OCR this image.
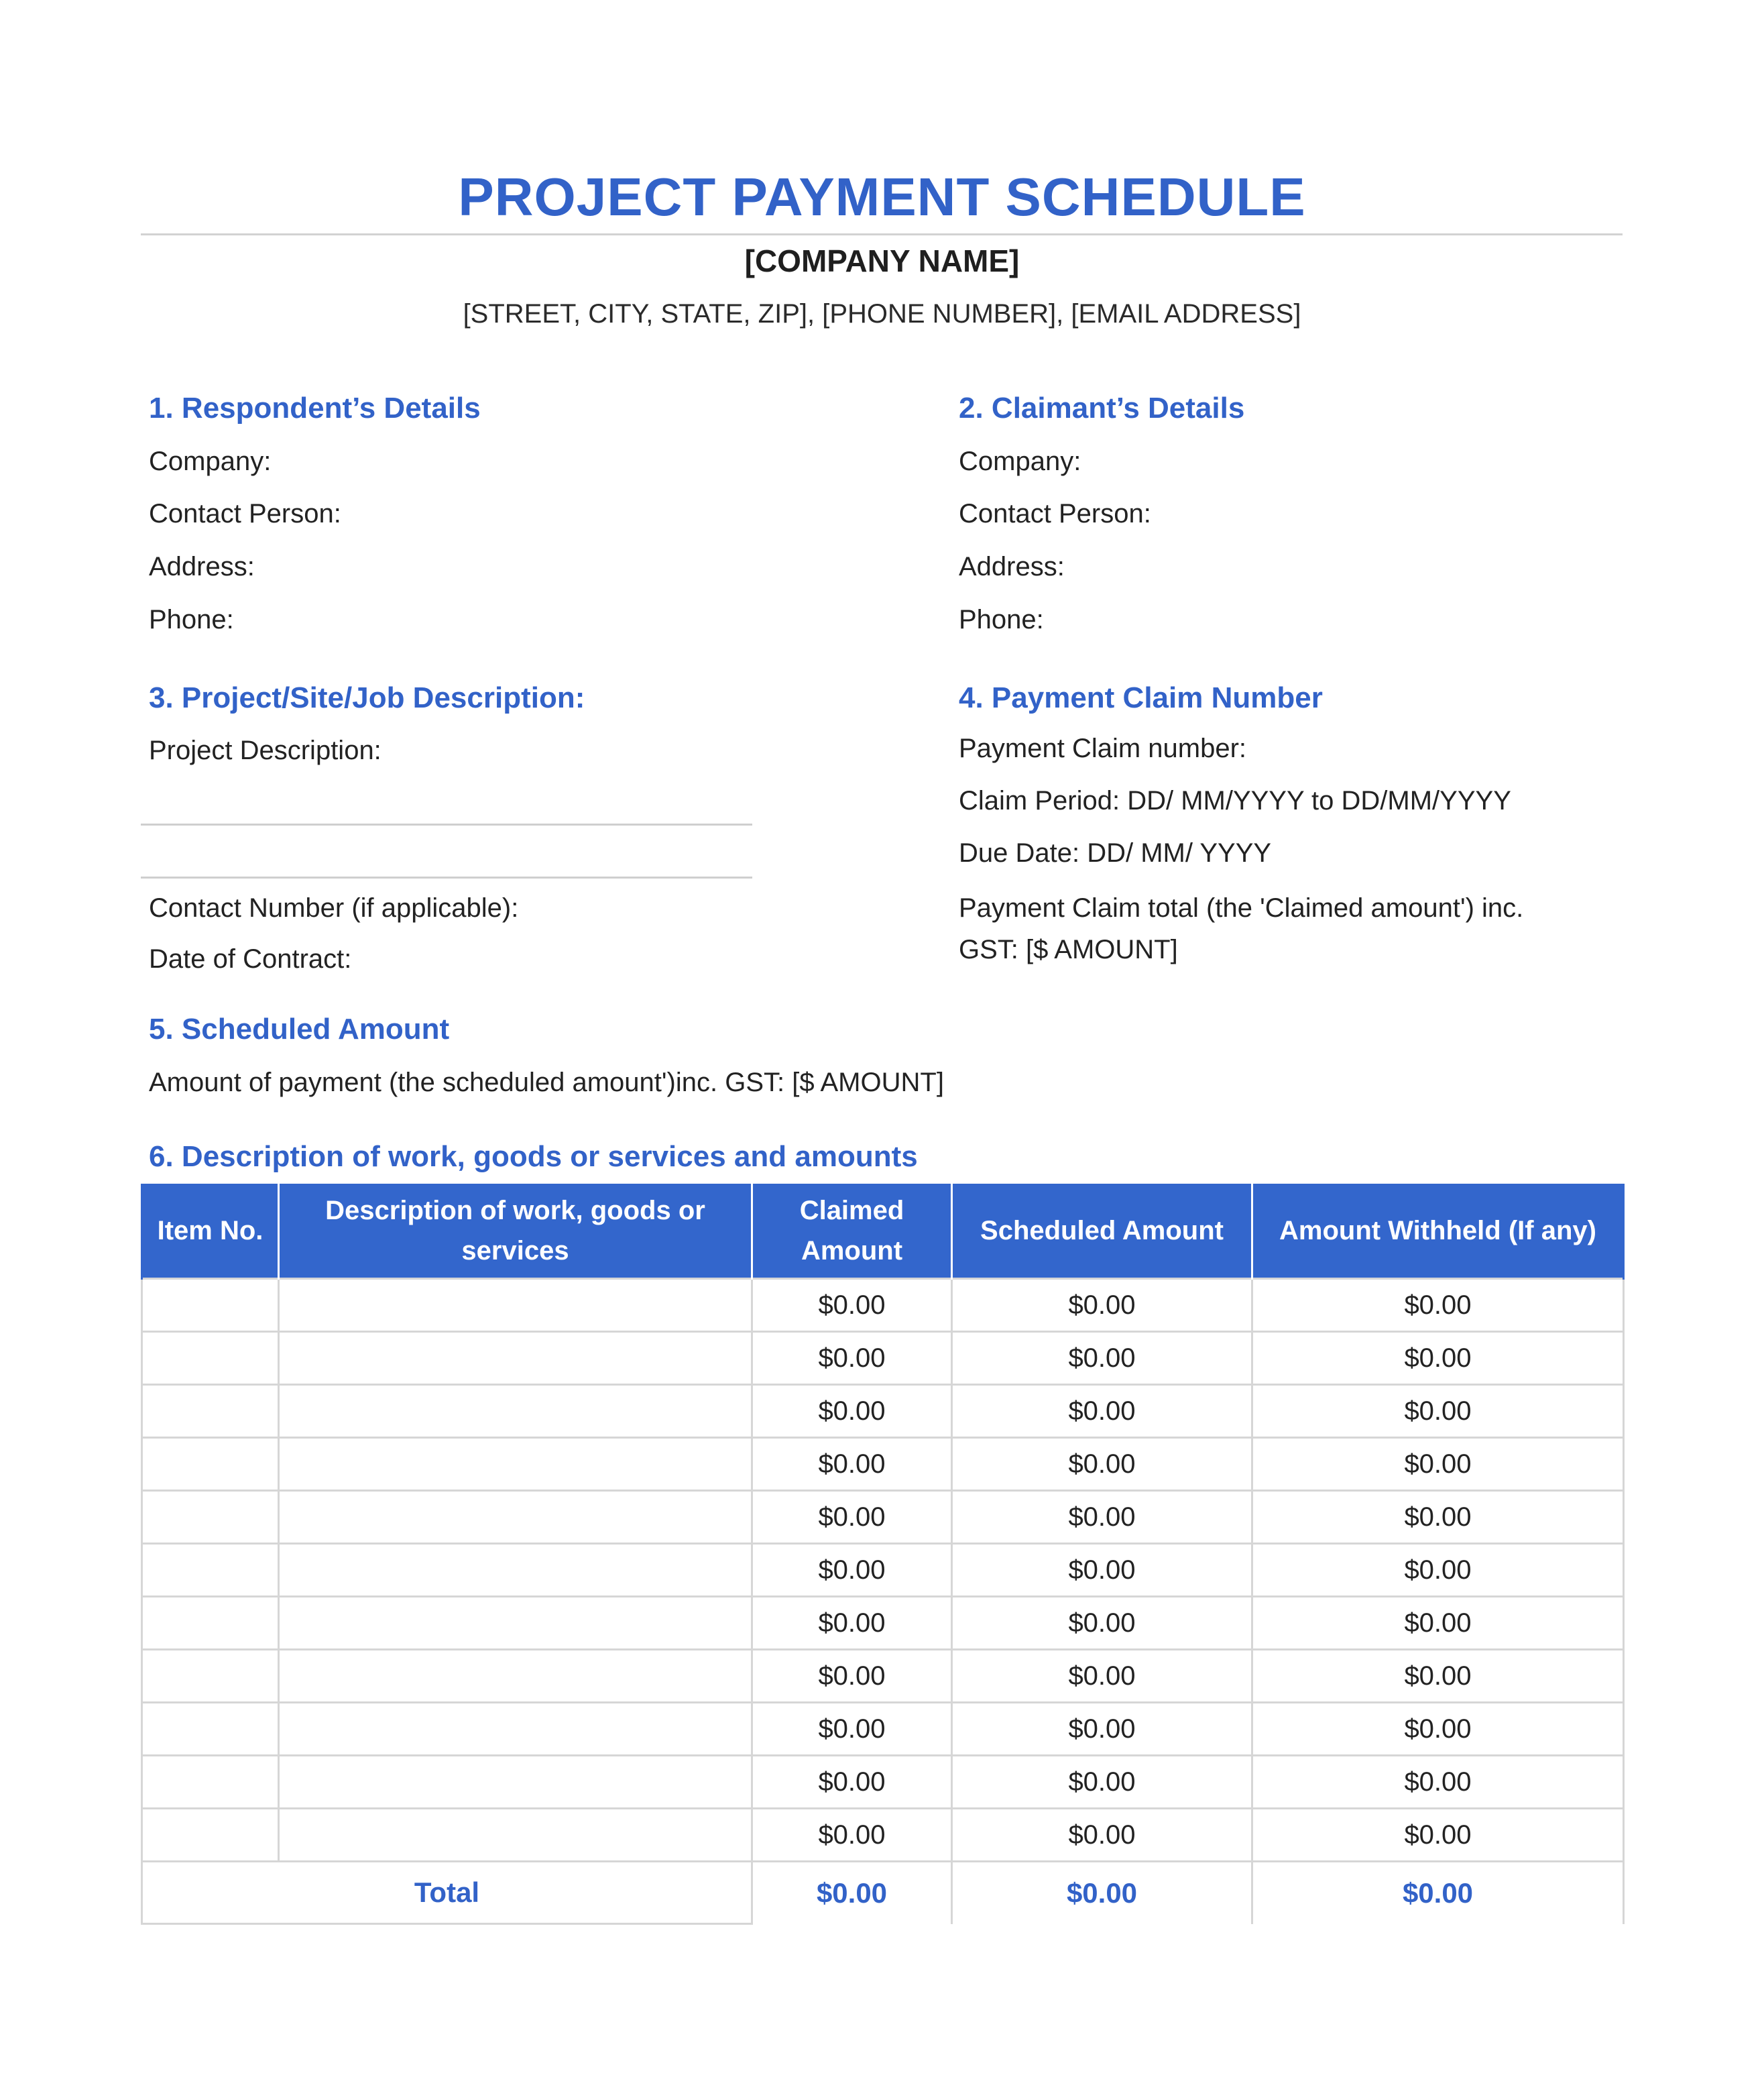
PROJECT PAYMENT SCHEDULE
[COMPANY NAME]
[STREET, CITY, STATE, ZIP], [PHONE NUMBER], [EMAIL ADDRESS]
1. Respondent’s Details
Company:
Contact Person:
Address:
Phone:
2. Claimant’s Details
Company:
Contact Person:
Address:
Phone:
3. Project/Site/Job Description:
Project Description:
Contact Number (if applicable):
Date of Contract:
4. Payment Claim Number
Payment Claim number:
Claim Period: DD/ MM/YYYY to DD/MM/YYYY
Due Date: DD/ MM/ YYYY
Payment Claim total (the 'Claimed amount') inc.
GST: [$ AMOUNT]
5. Scheduled Amount
Amount of payment (the scheduled amount')inc. GST: [$ AMOUNT]
6. Description of work, goods or services and amounts
Item No.	Description of work, goods or services	Claimed Amount	Scheduled Amount	Amount Withheld (If any)
		$0.00	$0.00	$0.00
		$0.00	$0.00	$0.00
		$0.00	$0.00	$0.00
		$0.00	$0.00	$0.00
		$0.00	$0.00	$0.00
		$0.00	$0.00	$0.00
		$0.00	$0.00	$0.00
		$0.00	$0.00	$0.00
		$0.00	$0.00	$0.00
		$0.00	$0.00	$0.00
		$0.00	$0.00	$0.00
Total		$0.00	$0.00	$0.00
